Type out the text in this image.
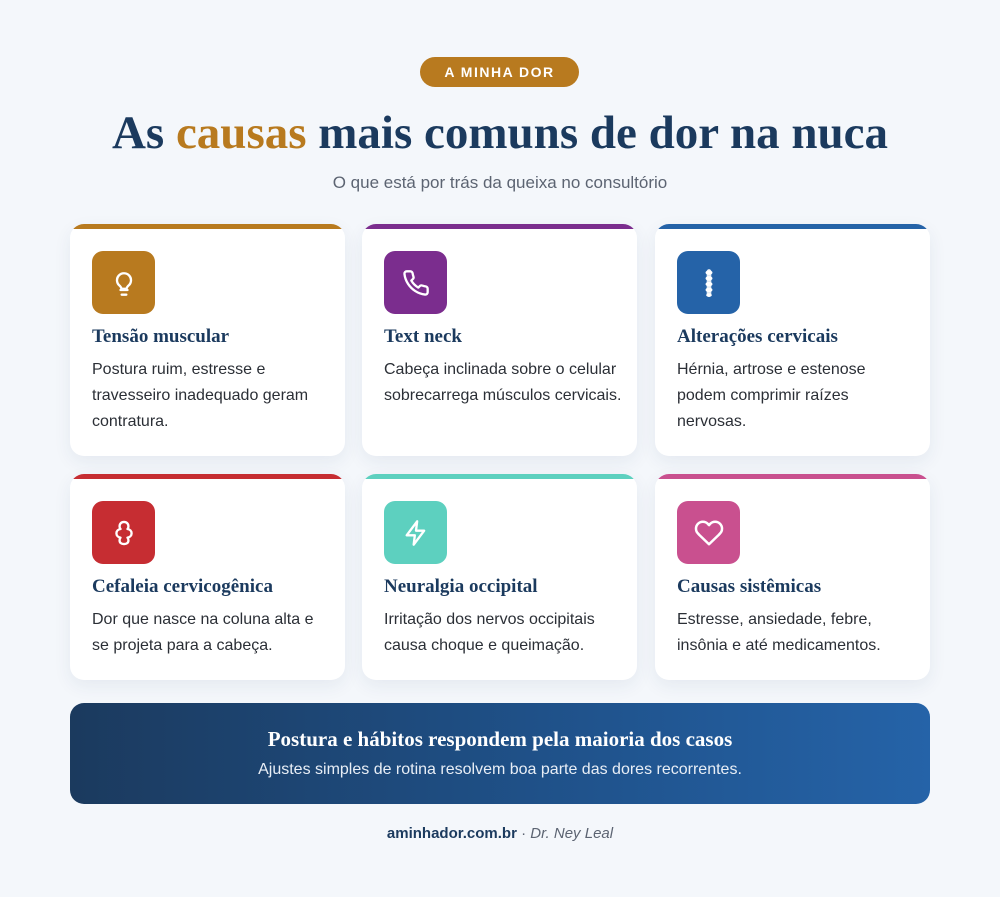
A MINHA DOR
As causas mais comuns de dor na nuca
O que está por trás da queixa no consultório
Tensão muscular
Postura ruim, estresse e travesseiro inadequado geram contratura.
Text neck
Cabeça inclinada sobre o celular sobrecarrega músculos cervicais.
Alterações cervicais
Hérnia, artrose e estenose podem comprimir raízes nervosas.
Cefaleia cervicogênica
Dor que nasce na coluna alta e se projeta para a cabeça.
Neuralgia occipital
Irritação dos nervos occipitais causa choque e queimação.
Causas sistêmicas
Estresse, ansiedade, febre, insônia e até medicamentos.
Postura e hábitos respondem pela maioria dos casos
Ajustes simples de rotina resolvem boa parte das dores recorrentes.
aminhador.com.br · Dr. Ney Leal
